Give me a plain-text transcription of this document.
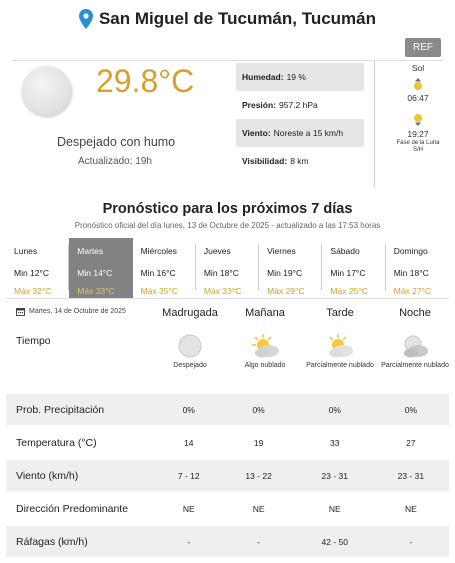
San Miguel de Tucumán, Tucumán
REF
29.8°C
Despejado con humo
Actualizado: 19h
Humedad: 19 %
Presión: 957.2 hPa
Viento: Noreste a 15 km/h
Visibilidad: 8 km
Sol
06:47
19:27
Fase de la Luna
S/H
Pronóstico para los próximos 7 días
Pronóstico oficial del día lunes, 13 de Octubre de 2025 - actualizado a las 17:53 horas
Lunes
Min 12°C
Máx 32°C
Martes
Min 14°C
Máx 33°C
Miércoles
Min 16°C
Máx 35°C
Jueves
Min 18°C
Máx 33°C
Viernes
Min 19°C
Máx 29°C
Sábado
Min 17°C
Máx 25°C
Domingo
Min 18°C
Máx 27°C
Martes, 14 de Octubre de 2025	Madrugada	Mañana	Tarde	Noche
Tiempo
Despejado	Algo nublado	Parcialmente nublado	Parcialmente nublado
Prob. Precipitación	0%	0%	0%	0%
Temperatura (°C)	14	19	33	27
Viento (km/h)	7 - 12	13 - 22	23 - 31	23 - 31
Dirección Predominante	NE	NE	NE	NE
Ráfagas (km/h)	-	-	42 - 50	-
